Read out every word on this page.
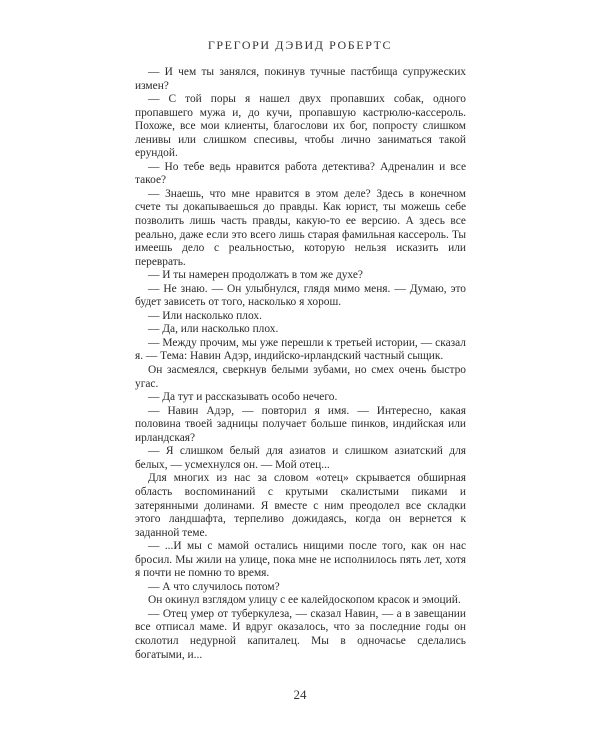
ГРЕГОРИ ДЭВИД РОБЕРТС

— И чем ты занялся, покинув тучные пастбища супружеских измен?

— С той поры я нашел двух пропавших собак, одного пропавшего мужа и, до кучи, пропавшую кастрюлю-кассероль. Похоже, все мои клиенты, благослови их бог, попросту слишком ленивы или слишком спесивы, чтобы лично заниматься такой ерундой.

— Но тебе ведь нравится работа детектива? Адреналин и все такое?

— Знаешь, что мне нравится в этом деле? Здесь в конечном счете ты докапываешься до правды. Как юрист, ты можешь себе позволить лишь часть правды, какую-то ее версию. А здесь все реально, даже если это всего лишь старая фамильная кассероль. Ты имеешь дело с реальностью, которую нельзя исказить или переврать.

— И ты намерен продолжать в том же духе?

— Не знаю. — Он улыбнулся, глядя мимо меня. — Думаю, это будет зависеть от того, насколько я хорош.

— Или насколько плох.

— Да, или насколько плох.

— Между прочим, мы уже перешли к третьей истории, — сказал я. — Тема: Навин Адэр, индийско-ирландский частный сыщик.

Он засмеялся, сверкнув белыми зубами, но смех очень быстро угас.

— Да тут и рассказывать особо нечего.

— Навин Адэр, — повторил я имя. — Интересно, какая половина твоей задницы получает больше пинков, индийская или ирландская?

— Я слишком белый для азиатов и слишком азиатский для белых, — усмехнулся он. — Мой отец...

Для многих из нас за словом «отец» скрывается обширная область воспоминаний с крутыми скалистыми пиками и затерянными долинами. Я вместе с ним преодолел все складки этого ландшафта, терпеливо дожидаясь, когда он вернется к заданной теме.

— ...И мы с мамой остались нищими после того, как он нас бросил. Мы жили на улице, пока мне не исполнилось пять лет, хотя я почти не помню то время.

— А что случилось потом?

Он окинул взглядом улицу с ее калейдоскопом красок и эмоций.

— Отец умер от туберкулеза, — сказал Навин, — а в завещании все отписал маме. И вдруг оказалось, что за последние годы он сколотил недурной капиталец. Мы в одночасье сделались богатыми, и...

24
